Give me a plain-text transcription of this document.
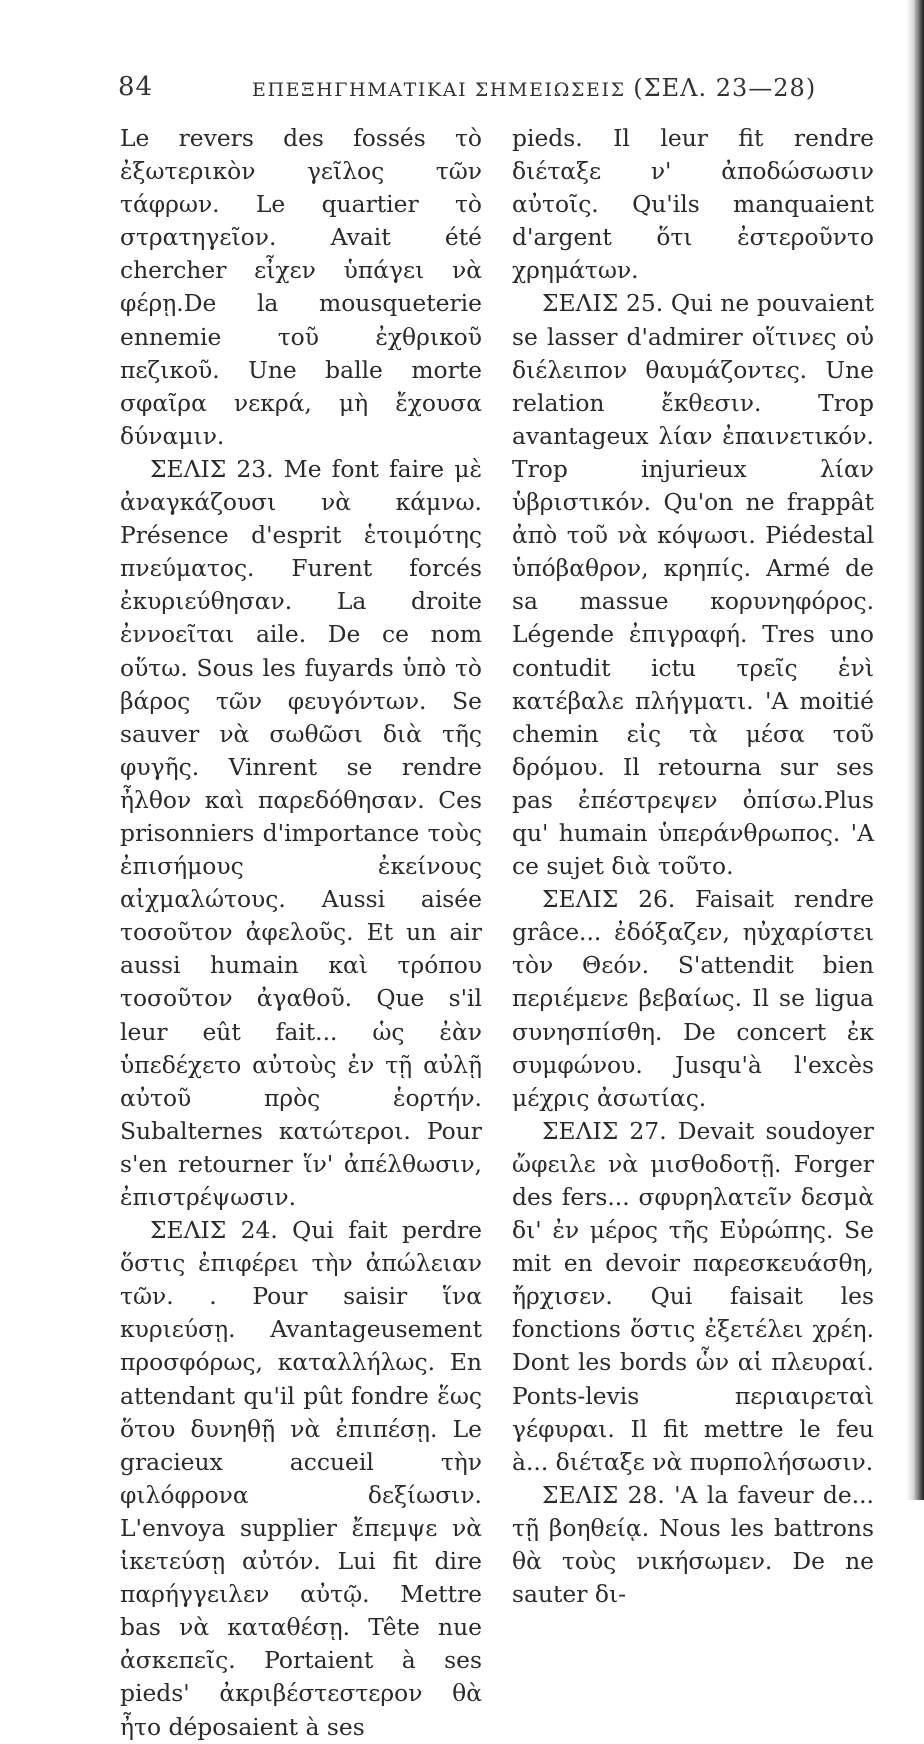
84	ΕΠΕΞΗΓΗΜΑΤΙΚΑΙ ΣΗΜΕΙΩΣΕΙΣ (ΣΕΛ. 23—28)

Le revers des fossés τὸ ἐξωτερικὸν γεῖλος τῶν τάφρων. Le quartier τὸ στρατηγεῖον. Avait été chercher εἶχεν ὑπάγει νὰ φέρῃ.De la mousqueterie ennemie τοῦ ἐχθρικοῦ πεζικοῦ. Une balle morte σφαῖρα νεκρά, μὴ ἔχουσα δύναμιν.

ΣΕΛΙΣ 23. Me font faire μὲ ἀναγκάζουσι νὰ κάμνω. Présence d'esprit ἑτοιμότης πνεύματος. Furent forcés ἐκυριεύθησαν. La droite ἐννοεῖται aile. De ce nom οὕτω. Sous les fuyards ὑπὸ τὸ βάρος τῶν φευγόντων. Se sauver νὰ σωθῶσι διὰ τῆς φυγῆς. Vinrent se rendre ἦλθον καὶ παρεδόθησαν. Ces prisonniers d'importance τοὺς ἐπισήμους ἐκείνους αἰχμαλώτους. Aussi aisée τοσοῦτον ἀφελοῦς. Et un air aussi humain καὶ τρόπου τοσοῦτον ἀγαθοῦ. Que s'il leur eût fait... ὡς ἐὰν ὑπεδέχετο αὐτοὺς ἐν τῇ αὐλῇ αὐτοῦ πρὸς ἑορτήν. Subalternes κατώτεροι. Pour s'en retourner ἵν' ἀπέλθωσιν, ἐπιστρέψωσιν.

ΣΕΛΙΣ 24. Qui fait perdre ὅστις ἐπιφέρει τὴν ἀπώλειαν τῶν. . Pour saisir ἵνα κυριεύσῃ. Avantageusement προσφόρως, καταλλήλως. En attendant qu'il pût fondre ἕως ὅτου δυνηθῇ νὰ ἐπιπέσῃ. Le gracieux accueil τὴν φιλόφρονα δεξίωσιν. L'envoya supplier ἔπεμψε νὰ ἱκετεύσῃ αὐτόν. Lui fit dire παρήγγειλεν αὐτῷ. Mettre bas νὰ καταθέσῃ. Tête nue ἀσκεπεῖς. Portaient à ses pieds' ἀκριβέστεστερον θὰ ἦτο déposaient à ses

pieds. Il leur fit rendre διέταξε ν' ἀποδώσωσιν αὐτοῖς. Qu'ils manquaient d'argent ὅτι ἐστεροῦντο χρημάτων.

ΣΕΛΙΣ 25. Qui ne pouvaient se lasser d'admirer οἵτινες οὐ διέλειπον θαυμάζοντες. Une relation ἔκθεσιν. Trop avantageux λίαν ἐπαινετικόν. Trop injurieux λίαν ὑβριστικόν. Qu'on ne frappât ἀπὸ τοῦ νὰ κόψωσι. Piédestal ὑπόβαθρον, κρηπίς. Armé de sa massue κορυνηφόρος. Légende ἐπιγραφή. Tres uno contudit ictu τρεῖς ἑνὶ κατέβαλε πλήγματι. 'A moitié chemin εἰς τὰ μέσα τοῦ δρόμου. Il retourna sur ses pas ἐπέστρεψεν ὀπίσω.Plus qu' humain ὑπεράνθρωπος. 'A ce sujet διὰ τοῦτο.

ΣΕΛΙΣ 26. Faisait rendre grâce... ἐδόξαζεν, ηὐχαρίστει τὸν Θεόν. S'attendit bien περιέμενε βεβαίως. Il se ligua συνησπίσθη. De concert ἐκ συμφώνου. Jusqu'à l'excès μέχρις ἀσωτίας.

ΣΕΛΙΣ 27. Devait soudoyer ὤφειλε νὰ μισθοδοτῇ. Forger des fers... σφυρηλατεῖν δεσμὰ δι' ἐν μέρος τῆς Εὐρώπης. Se mit en devoir παρεσκευάσθη, ἤρχισεν. Qui faisait les fonctions ὅστις ἐξετέλει χρέη. Dont les bords ὧν αἱ πλευραί. Ponts-levis περιαιρεταὶ γέφυραι. Il fit mettre le feu à... διέταξε νὰ πυρπολήσωσιν.

ΣΕΛΙΣ 28. 'A la faveur de... τῇ βοηθείᾳ. Nous les battrons θὰ τοὺς νικήσωμεν. De ne sauter δι-
